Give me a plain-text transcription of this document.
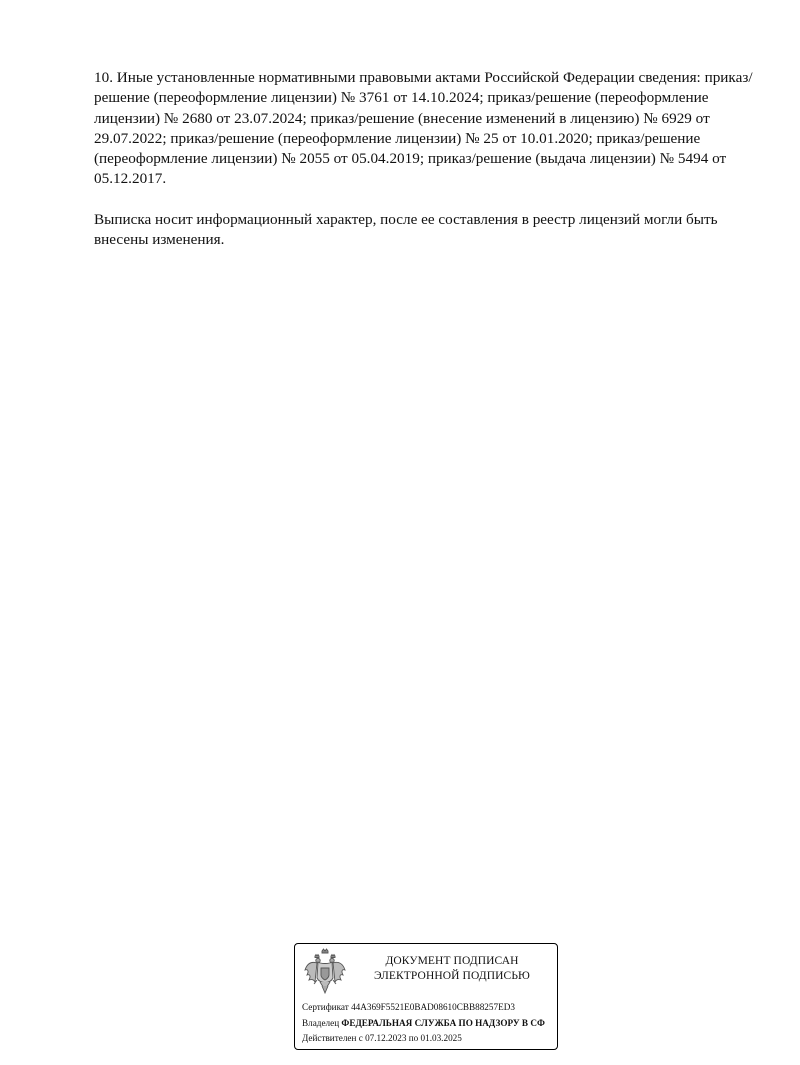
10. Иные установленные нормативными правовыми актами Российской Федерации сведения: приказ/решение (переоформление лицензии) № 3761 от 14.10.2024; приказ/решение (переоформление лицензии) № 2680 от 23.07.2024; приказ/решение (внесение изменений в лицензию) № 6929 от 29.07.2022; приказ/решение (переоформление лицензии) № 25 от 10.01.2020; приказ/решение (переоформление лицензии) № 2055 от 05.04.2019; приказ/решение (выдача лицензии) № 5494 от 05.12.2017.

Выписка носит информационный характер, после ее составления в реестр лицензий могли быть внесены изменения.

ДОКУМЕНТ ПОДПИСАН
ЭЛЕКТРОННОЙ ПОДПИСЬЮ
Сертификат 44A369F5521E0BAD08610CBB88257ED3
Владелец ФЕДЕРАЛЬНАЯ СЛУЖБА ПО НАДЗОРУ В СФ
Действителен с 07.12.2023 по 01.03.2025
